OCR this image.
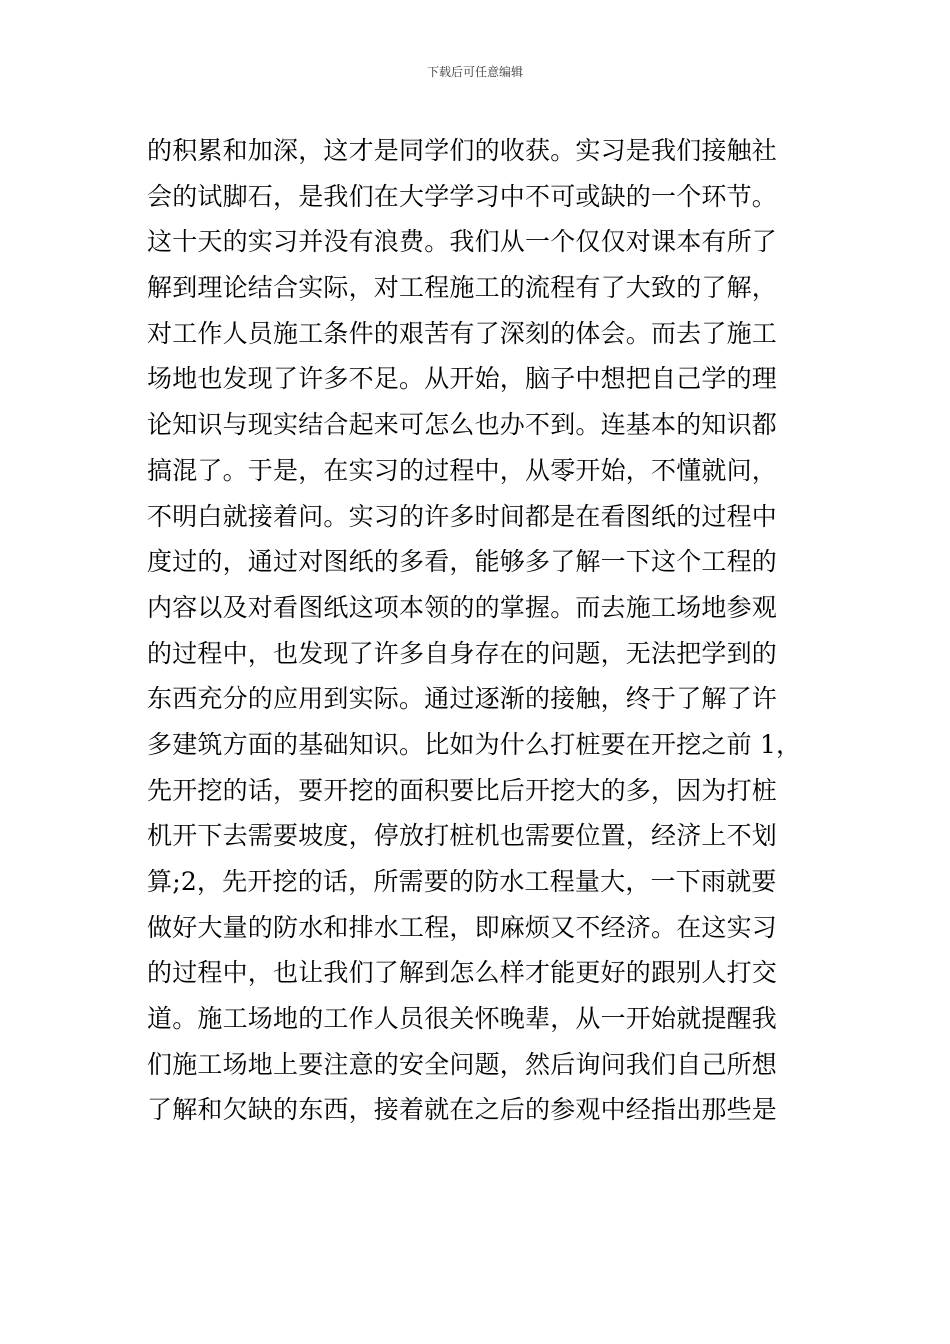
下载后可任意编辑
的积累和加深，这才是同学们的收获。实习是我们接触社
会的试脚石，是我们在大学学习中不可或缺的一个环节。
这十天的实习并没有浪费。我们从一个仅仅对课本有所了
解到理论结合实际，对工程施工的流程有了大致的了解，
对工作人员施工条件的艰苦有了深刻的体会。而去了施工
场地也发现了许多不足。从开始，脑子中想把自己学的理
论知识与现实结合起来可怎么也办不到。连基本的知识都
搞混了。于是，在实习的过程中，从零开始，不懂就问，
不明白就接着问。实习的许多时间都是在看图纸的过程中
度过的，通过对图纸的多看，能够多了解一下这个工程的
内容以及对看图纸这项本领的的掌握。而去施工场地参观
的过程中，也发现了许多自身存在的问题，无法把学到的
东西充分的应用到实际。通过逐渐的接触，终于了解了许
多建筑方面的基础知识。比如为什么打桩要在开挖之前 1，
先开挖的话，要开挖的面积要比后开挖大的多，因为打桩
机开下去需要坡度，停放打桩机也需要位置，经济上不划
算;2，先开挖的话，所需要的防水工程量大，一下雨就要
做好大量的防水和排水工程，即麻烦又不经济。在这实习
的过程中，也让我们了解到怎么样才能更好的跟别人打交
道。施工场地的工作人员很关怀晚辈，从一开始就提醒我
们施工场地上要注意的安全问题，然后询问我们自己所想
了解和欠缺的东西，接着就在之后的参观中经指出那些是
